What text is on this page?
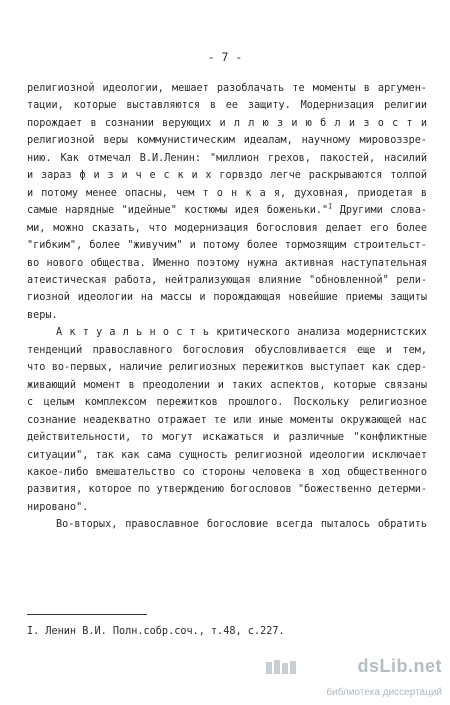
- 7 -
религиозной идеологии, мешает разоблачать те моменты в аргумен-
тации, которые выставляются в ее защиту. Модернизация религии
порождает в сознании верующих и л л ю з и ю б л и з о с т и
религиозной веры коммунистическим идеалам, научному мировоззре-
нию. Как отмечал В.И.Ленин: "миллион грехов, пакостей, насилий
и зараз ф и з и ч е с к и х горвздо легче раскрываются толпой
и потому менее опасны, чем т о н к а я, духовная, приодетая в
самые нарядные "идейные" костюмы идея боженьки."$^I$ Другими слова-
ми, можно сказать, что модернизация богословия делает его более
"гибким", более "живучим" и потому более тормозящим строительст-
во нового общества. Именно поэтому нужна активная наступательная
атеистическая работа, нейтрализующая влияние "обновленной" рели-
гиозной идеологии на массы и порождающая новейшие приемы защиты
веры.
А к т у а л ь н о с т ь критического анализа модернистских
тенденций православного богословия обусловливается еще и тем,
что во-первых, наличие религиозных пережитков выступает как сдер-
живающий момент в преодолении и таких аспектов, которые связаны
с целым комплексом пережитков прошлого. Поскольку религиозное
сознание неадекватно отражает те или иные моменты окружающей нас
действительности, то могут искажаться и различные "конфликтные
ситуации", так как сама сущность религиозной идеологии исключает
какое-либо вмешательство со стороны человека в ход общественного
развития, которое по утверждению богословов "божественно детерми-
нировано".
Во-вторых, православное богословие всегда пыталось обратить
I. Ленин В.И. Полн.собр.соч., т.48, с.227.
dsLib.net
библиотека диссертаций
